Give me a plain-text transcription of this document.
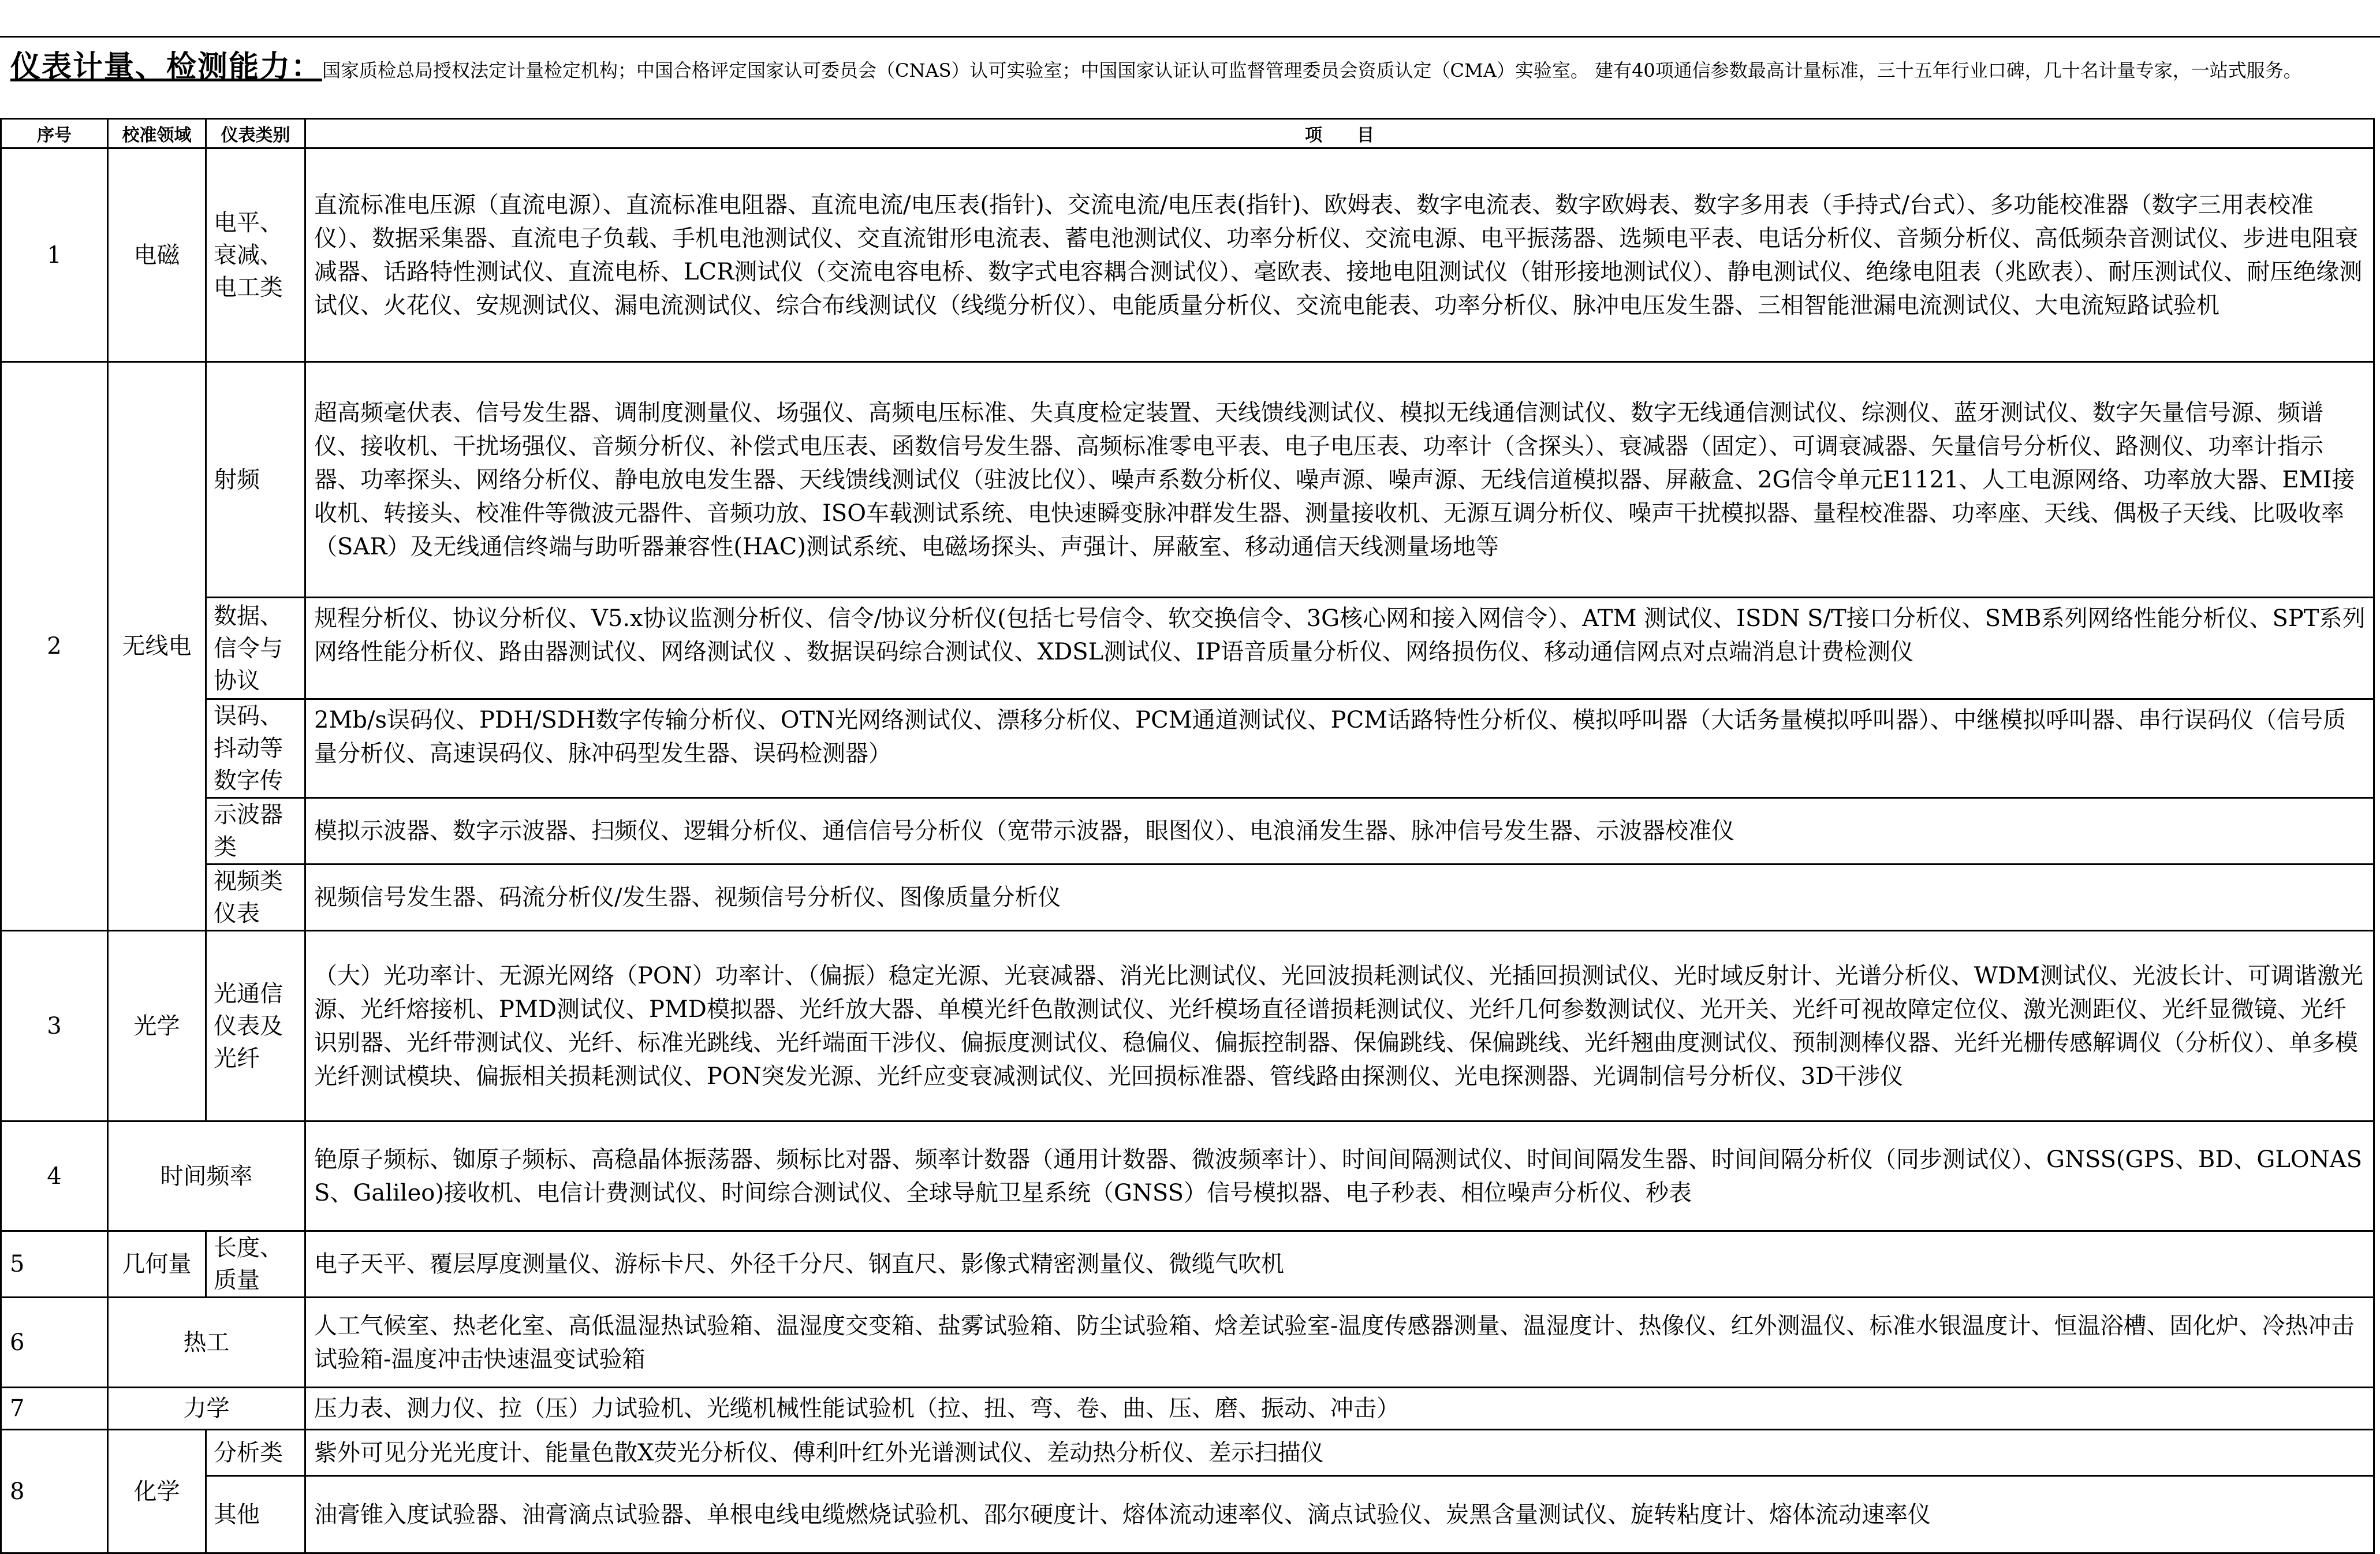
仪表计量、检测能力：国家质检总局授权法定计量检定机构；中国合格评定国家认可委员会（CNAS）认可实验室；中国国家认证认可监督管理委员会资质认定（CMA）实验室。 建有40项通信参数最高计量标准，三十五年行业口碑，几十名计量专家，一站式服务。
序号	校准领域	仪表类别	项　　目
1	电磁	电平、衰减、电工类	直流标准电压源（直流电源）、直流标准电阻器、直流电流/电压表(指针)、交流电流/电压表(指针)、欧姆表、数字电流表、数字欧姆表、数字多用表（手持式/台式）、多功能校准器（数字三用表校准仪）、数据采集器、直流电子负载、手机电池测试仪、交直流钳形电流表、蓄电池测试仪、功率分析仪、交流电源、电平振荡器、选频电平表、电话分析仪、音频分析仪、高低频杂音测试仪、步进电阻衰减器、话路特性测试仪、直流电桥、LCR测试仪（交流电容电桥、数字式电容耦合测试仪）、毫欧表、接地电阻测试仪（钳形接地测试仪）、静电测试仪、绝缘电阻表（兆欧表）、耐压测试仪、耐压绝缘测试仪、火花仪、安规测试仪、漏电流测试仪、综合布线测试仪（线缆分析仪）、电能质量分析仪、交流电能表、功率分析仪、脉冲电压发生器、三相智能泄漏电流测试仪、大电流短路试验机
2	无线电	射频	超高频毫伏表、信号发生器、调制度测量仪、场强仪、高频电压标准、失真度检定装置、天线馈线测试仪、模拟无线通信测试仪、数字无线通信测试仪、综测仪、蓝牙测试仪、数字矢量信号源、频谱仪、接收机、干扰场强仪、音频分析仪、补偿式电压表、函数信号发生器、高频标准零电平表、电子电压表、功率计（含探头）、衰减器（固定）、可调衰减器、矢量信号分析仪、路测仪、功率计指示器、功率探头、网络分析仪、静电放电发生器、天线馈线测试仪（驻波比仪）、噪声系数分析仪、噪声源、噪声源、无线信道模拟器、屏蔽盒、2G信令单元E1121、人工电源网络、功率放大器、EMI接收机、转接头、校准件等微波元器件、音频功放、ISO车载测试系统、电快速瞬变脉冲群发生器、测量接收机、无源互调分析仪、噪声干扰模拟器、量程校准器、功率座、天线、偶极子天线、比吸收率（SAR）及无线通信终端与助听器兼容性(HAC)测试系统、电磁场探头、声强计、屏蔽室、移动通信天线测量场地等
		数据、信令与协议	规程分析仪、协议分析仪、V5.x协议监测分析仪、信令/协议分析仪(包括七号信令、软交换信令、3G核心网和接入网信令）、ATM 测试仪、ISDN S/T接口分析仪、SMB系列网络性能分析仪、SPT系列网络性能分析仪、路由器测试仪、网络测试仪 、数据误码综合测试仪、XDSL测试仪、IP语音质量分析仪、网络损伤仪、移动通信网点对点端消息计费检测仪
		误码、抖动等数字传	2Mb/s误码仪、PDH/SDH数字传输分析仪、OTN光网络测试仪、漂移分析仪、PCM通道测试仪、PCM话路特性分析仪、模拟呼叫器（大话务量模拟呼叫器）、中继模拟呼叫器、串行误码仪（信号质量分析仪、高速误码仪、脉冲码型发生器、误码检测器）
		示波器类	模拟示波器、数字示波器、扫频仪、逻辑分析仪、通信信号分析仪（宽带示波器，眼图仪）、电浪涌发生器、脉冲信号发生器、示波器校准仪
		视频类仪表	视频信号发生器、码流分析仪/发生器、视频信号分析仪、图像质量分析仪
3	光学	光通信仪表及光纤	（大）光功率计、无源光网络（PON）功率计、（偏振）稳定光源、光衰减器、消光比测试仪、光回波损耗测试仪、光插回损测试仪、光时域反射计、光谱分析仪、WDM测试仪、光波长计、可调谐激光源、光纤熔接机、PMD测试仪、PMD模拟器、光纤放大器、单模光纤色散测试仪、光纤模场直径谱损耗测试仪、光纤几何参数测试仪、光开关、光纤可视故障定位仪、激光测距仪、光纤显微镜、光纤识别器、光纤带测试仪、光纤、标准光跳线、光纤端面干涉仪、偏振度测试仪、稳偏仪、偏振控制器、保偏跳线、保偏跳线、光纤翘曲度测试仪、预制测棒仪器、光纤光栅传感解调仪（分析仪）、单多模光纤测试模块、偏振相关损耗测试仪、PON突发光源、光纤应变衰减测试仪、光回损标准器、管线路由探测仪、光电探测器、光调制信号分析仪、3D干涉仪
4	时间频率		铯原子频标、铷原子频标、高稳晶体振荡器、频标比对器、频率计数器（通用计数器、微波频率计）、时间间隔测试仪、时间间隔发生器、时间间隔分析仪（同步测试仪）、GNSS(GPS、BD、GLONASS、Galileo)接收机、电信计费测试仪、时间综合测试仪、全球导航卫星系统（GNSS）信号模拟器、电子秒表、相位噪声分析仪、秒表
5	几何量	长度、质量	电子天平、覆层厚度测量仪、游标卡尺、外径千分尺、钢直尺、影像式精密测量仪、微缆气吹机
6	热工		人工气候室、热老化室、高低温湿热试验箱、温湿度交变箱、盐雾试验箱、防尘试验箱、焓差试验室-温度传感器测量、温湿度计、热像仪、红外测温仪、标准水银温度计、恒温浴槽、固化炉、冷热冲击试验箱-温度冲击快速温变试验箱
7	力学		压力表、测力仪、拉（压）力试验机、光缆机械性能试验机（拉、扭、弯、卷、曲、压、磨、振动、冲击）
8	化学	分析类	紫外可见分光光度计、能量色散X荧光分析仪、傅利叶红外光谱测试仪、差动热分析仪、差示扫描仪
		其他	油膏锥入度试验器、油膏滴点试验器、单根电线电缆燃烧试验机、邵尔硬度计、熔体流动速率仪、滴点试验仪、炭黑含量测试仪、旋转粘度计、熔体流动速率仪
